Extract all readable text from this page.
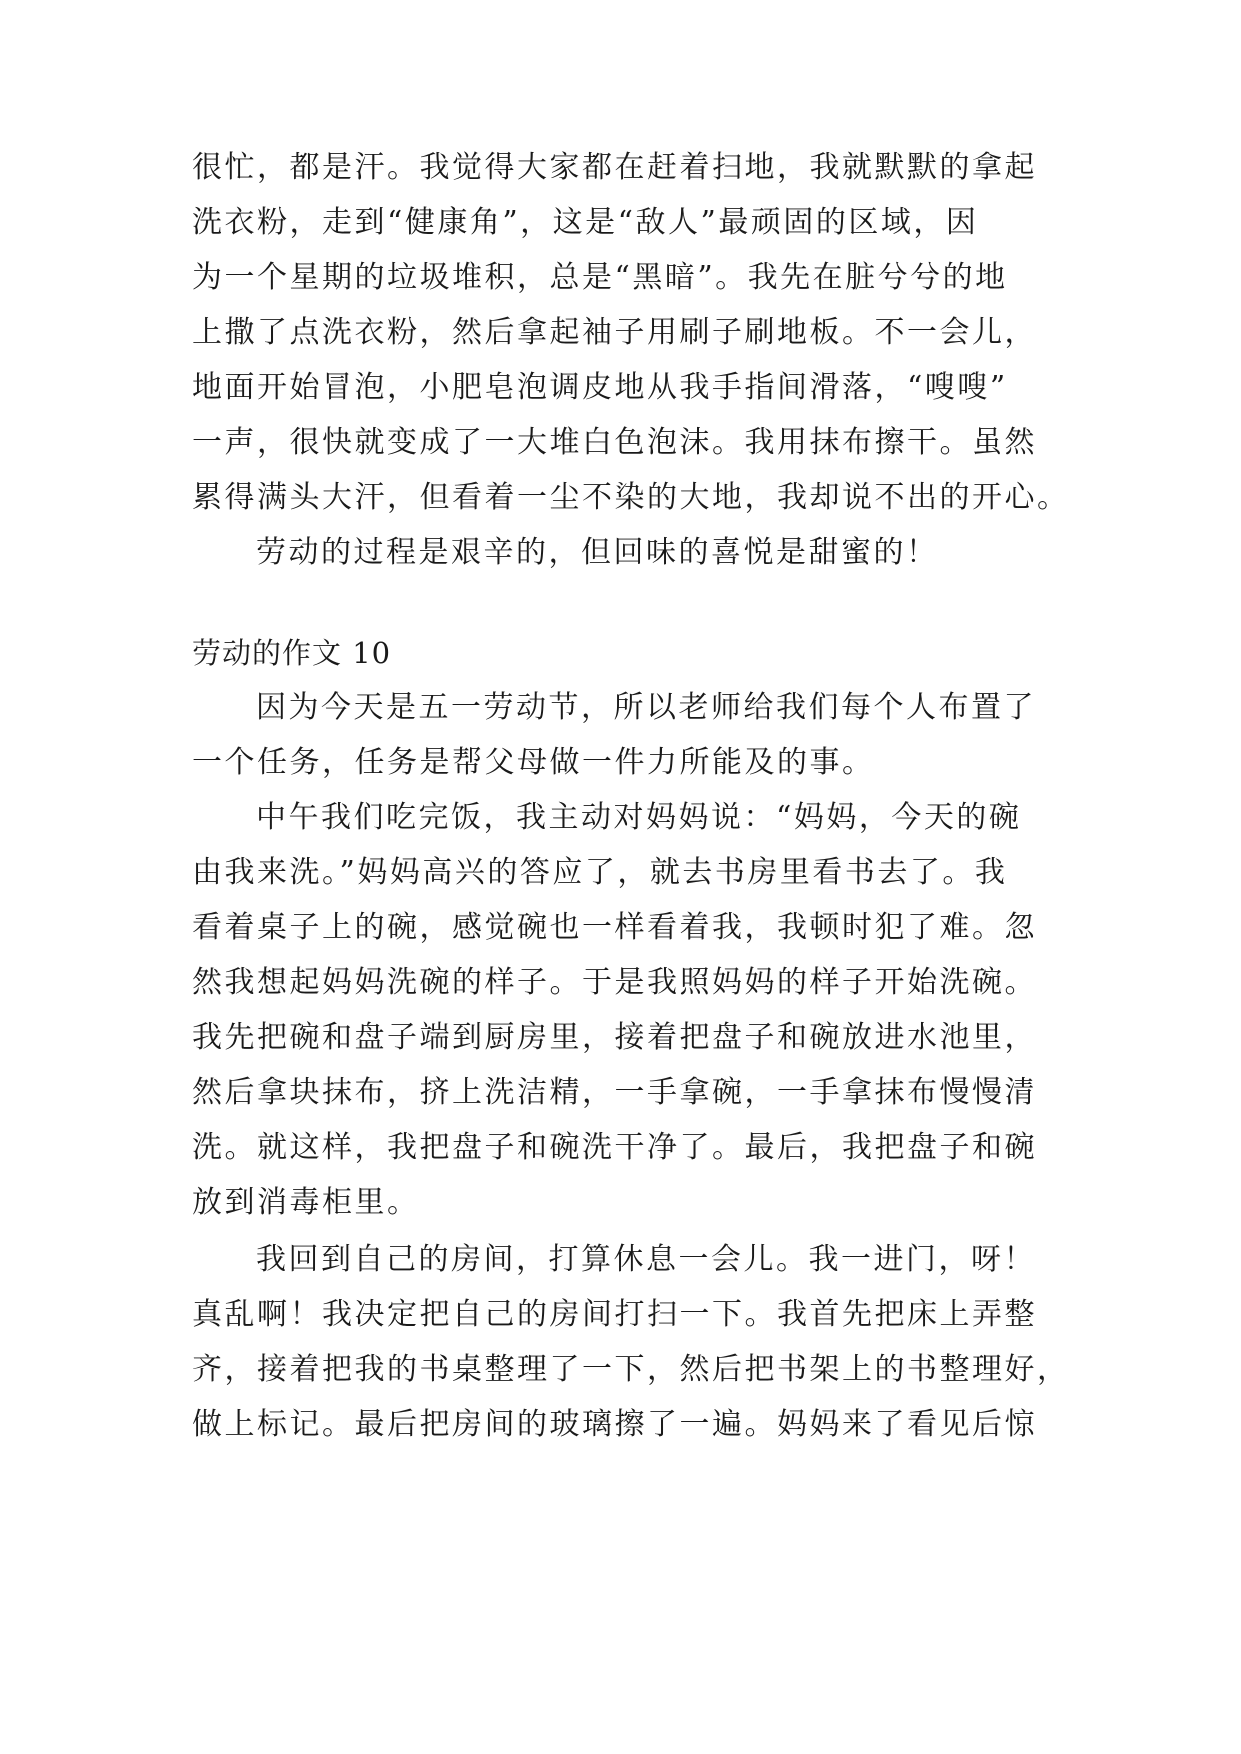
很忙，都是汗。我觉得大家都在赶着扫地，我就默默的拿起
洗衣粉，走到“健康角”，这是“敌人”最顽固的区域，因
为一个星期的垃圾堆积，总是“黑暗”。我先在脏兮兮的地
上撒了点洗衣粉，然后拿起袖子用刷子刷地板。不一会儿，
地面开始冒泡，小肥皂泡调皮地从我手指间滑落，“嗖嗖”
一声，很快就变成了一大堆白色泡沫。我用抹布擦干。虽然
累得满头大汗，但看着一尘不染的大地，我却说不出的开心。
劳动的过程是艰辛的，但回味的喜悦是甜蜜的！
劳动的作文 10
因为今天是五一劳动节，所以老师给我们每个人布置了
一个任务，任务是帮父母做一件力所能及的事。
中午我们吃完饭，我主动对妈妈说：“妈妈，今天的碗
由我来洗。”妈妈高兴的答应了，就去书房里看书去了。我
看着桌子上的碗，感觉碗也一样看着我，我顿时犯了难。忽
然我想起妈妈洗碗的样子。于是我照妈妈的样子开始洗碗。
我先把碗和盘子端到厨房里，接着把盘子和碗放进水池里，
然后拿块抹布，挤上洗洁精，一手拿碗，一手拿抹布慢慢清
洗。就这样，我把盘子和碗洗干净了。最后，我把盘子和碗
放到消毒柜里。
我回到自己的房间，打算休息一会儿。我一进门，呀！
真乱啊！我决定把自己的房间打扫一下。我首先把床上弄整
齐，接着把我的书桌整理了一下，然后把书架上的书整理好，
做上标记。最后把房间的玻璃擦了一遍。妈妈来了看见后惊
